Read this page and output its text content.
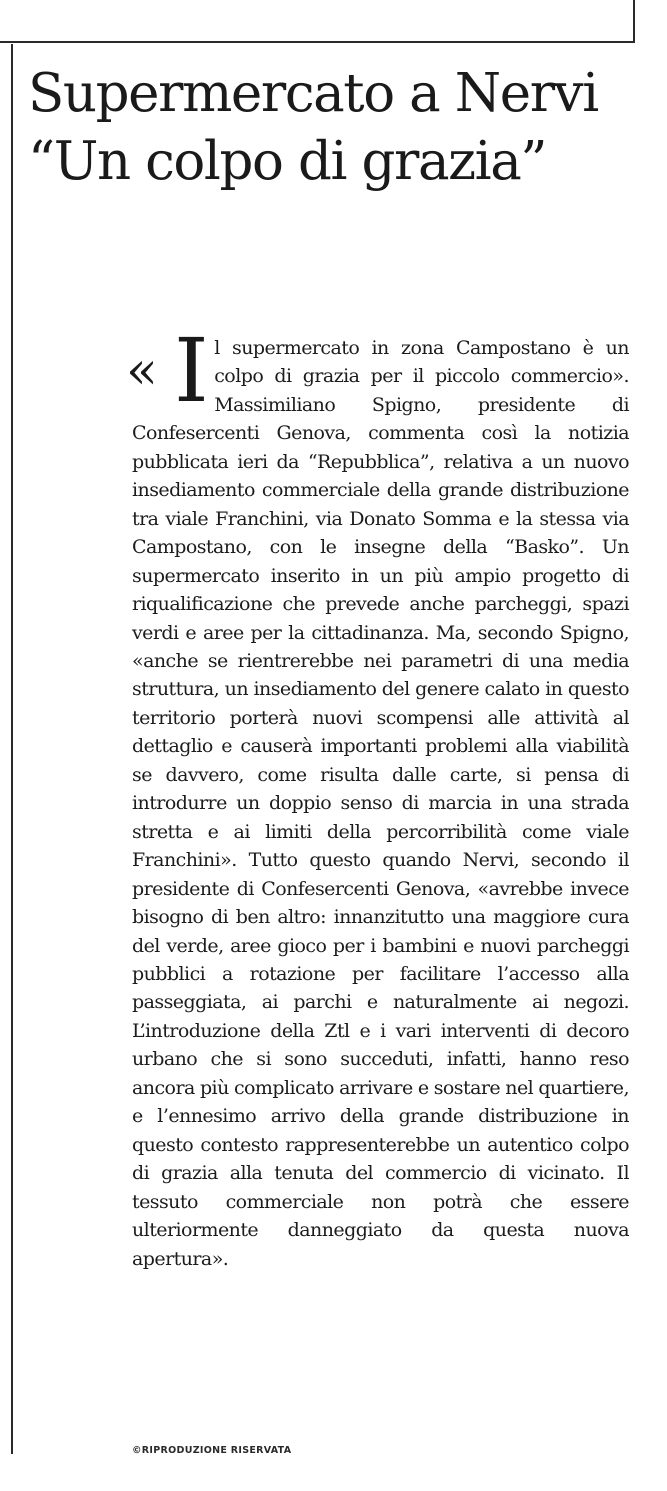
Supermercato a Nervi
“Un colpo di grazia”
« Il supermercato in zona Campostano è un colpo di grazia per il piccolo commercio». Massimiliano Spigno, presidente di Confesercenti Genova, commenta così la notizia pubblicata ieri da “Repubblica”, relativa a un nuovo insediamento commerciale della grande distribuzione tra viale Franchini, via Donato Somma e la stessa via Campostano, con le insegne della “Basko”. Un supermercato inserito in un più ampio progetto di riqualificazione che prevede anche parcheggi, spazi verdi e aree per la cittadinanza. Ma, secondo Spigno, «anche se rientrerebbe nei parametri di una media struttura, un insediamento del genere calato in questo territorio porterà nuovi scompensi alle attività al dettaglio e causerà importanti problemi alla viabilità se davvero, come risulta dalle carte, si pensa di introdurre un doppio senso di marcia in una strada stretta e ai limiti della percorribilità come viale Franchini». Tutto questo quando Nervi, secondo il presidente di Confesercenti Genova, «avrebbe invece bisogno di ben altro: innanzitutto una maggiore cura del verde, aree gioco per i bambini e nuovi parcheggi pubblici a rotazione per facilitare l’accesso alla passeggiata, ai parchi e naturalmente ai negozi. L’introduzione della Ztl e i vari interventi di decoro urbano che si sono succeduti, infatti, hanno reso ancora più complicato arrivare e sostare nel quartiere, e l’ennesimo arrivo della grande distribuzione in questo contesto rappresenterebbe un autentico colpo di grazia alla tenuta del commercio di vicinato. Il tessuto commerciale non potrà che essere ulteriormente danneggiato da questa nuova apertura».

©RIPRODUZIONE RISERVATA
